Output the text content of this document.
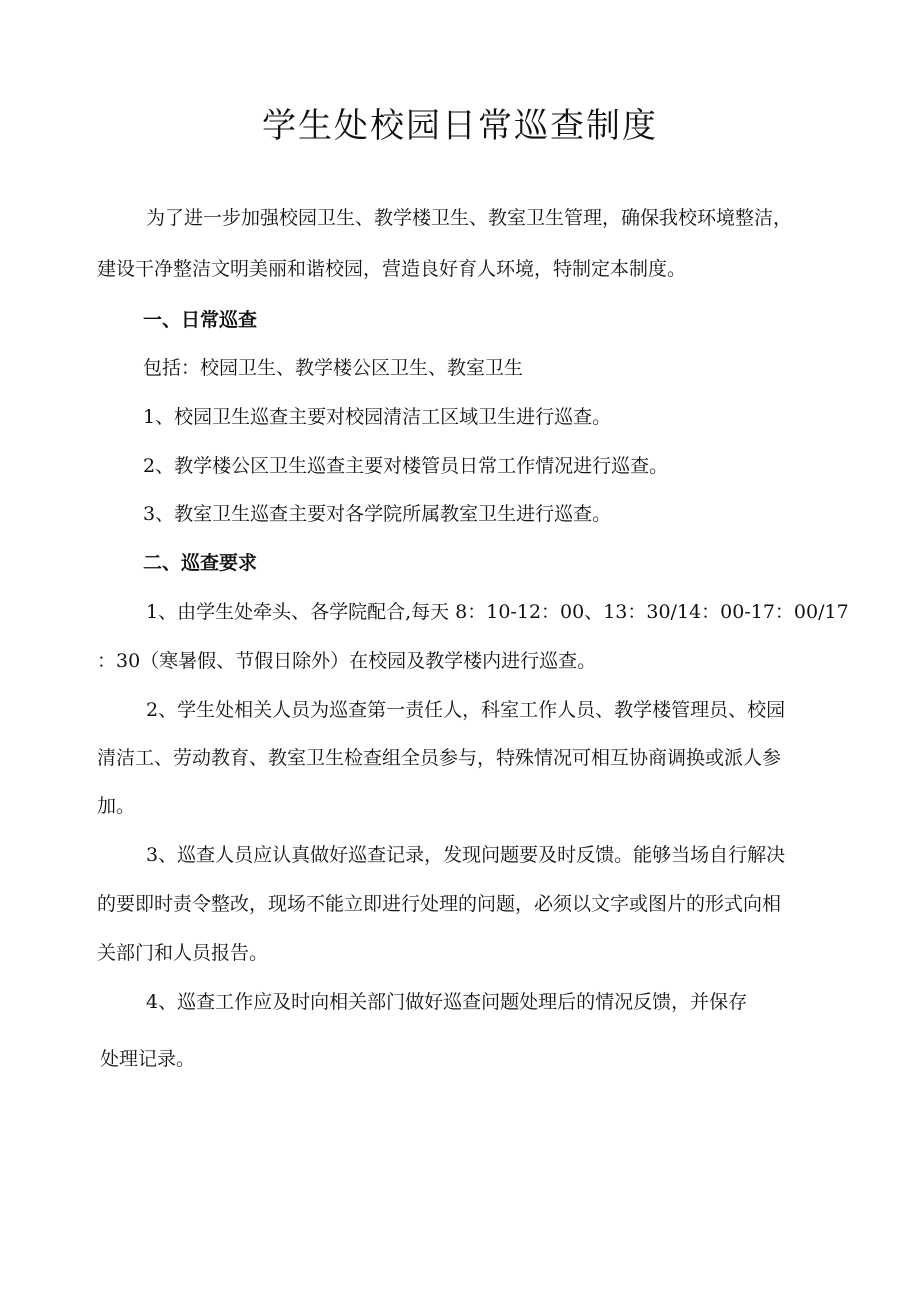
学生处校园日常巡查制度

为了进一步加强校园卫生、教学楼卫生、教室卫生管理，确保我校环境整洁，

建设干净整洁文明美丽和谐校园，营造良好育人环境，特制定本制度。

一、日常巡查

包括：校园卫生、教学楼公区卫生、教室卫生

1、校园卫生巡查主要对校园清洁工区域卫生进行巡查。

2、教学楼公区卫生巡查主要对楼管员日常工作情况进行巡查。

3、教室卫生巡查主要对各学院所属教室卫生进行巡查。

二、巡查要求

1、由学生处牵头、各学院配合,每天 8：10-12：00、13：30/14：00-17：00/17

：30（寒暑假、节假日除外）在校园及教学楼内进行巡查。

2、学生处相关人员为巡查第一责任人，科室工作人员、教学楼管理员、校园

清洁工、劳动教育、教室卫生检查组全员参与，特殊情况可相互协商调换或派人参

加。

3、巡查人员应认真做好巡查记录，发现问题要及时反馈。能够当场自行解决

的要即时责令整改，现场不能立即进行处理的问题，必须以文字或图片的形式向相

关部门和人员报告。

4、巡查工作应及时向相关部门做好巡查问题处理后的情况反馈，并保存

处理记录。
